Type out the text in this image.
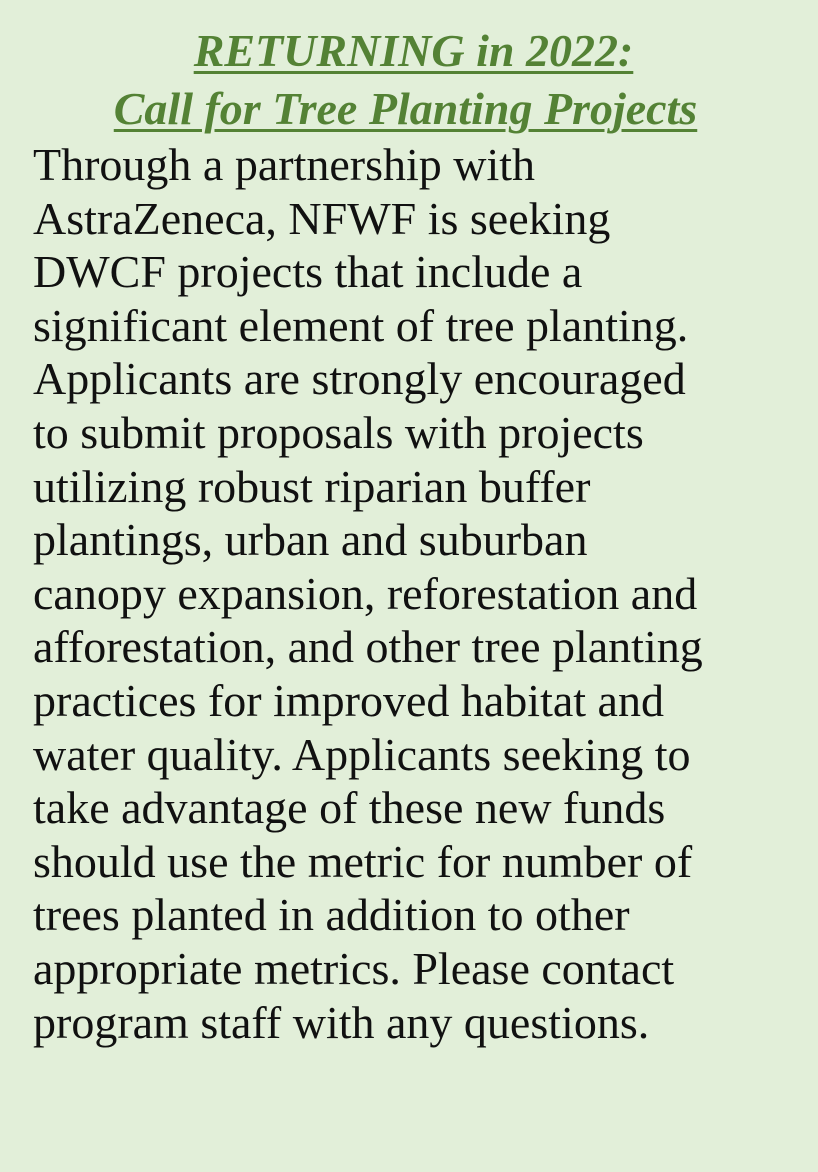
RETURNING in 2022:
Call for Tree Planting Projects

Through a partnership with
AstraZeneca, NFWF is seeking
DWCF projects that include a
significant element of tree planting.
Applicants are strongly encouraged
to submit proposals with projects
utilizing robust riparian buffer
plantings, urban and suburban
canopy expansion, reforestation and
afforestation, and other tree planting
practices for improved habitat and
water quality. Applicants seeking to
take advantage of these new funds
should use the metric for number of
trees planted in addition to other
appropriate metrics. Please contact
program staff with any questions.
